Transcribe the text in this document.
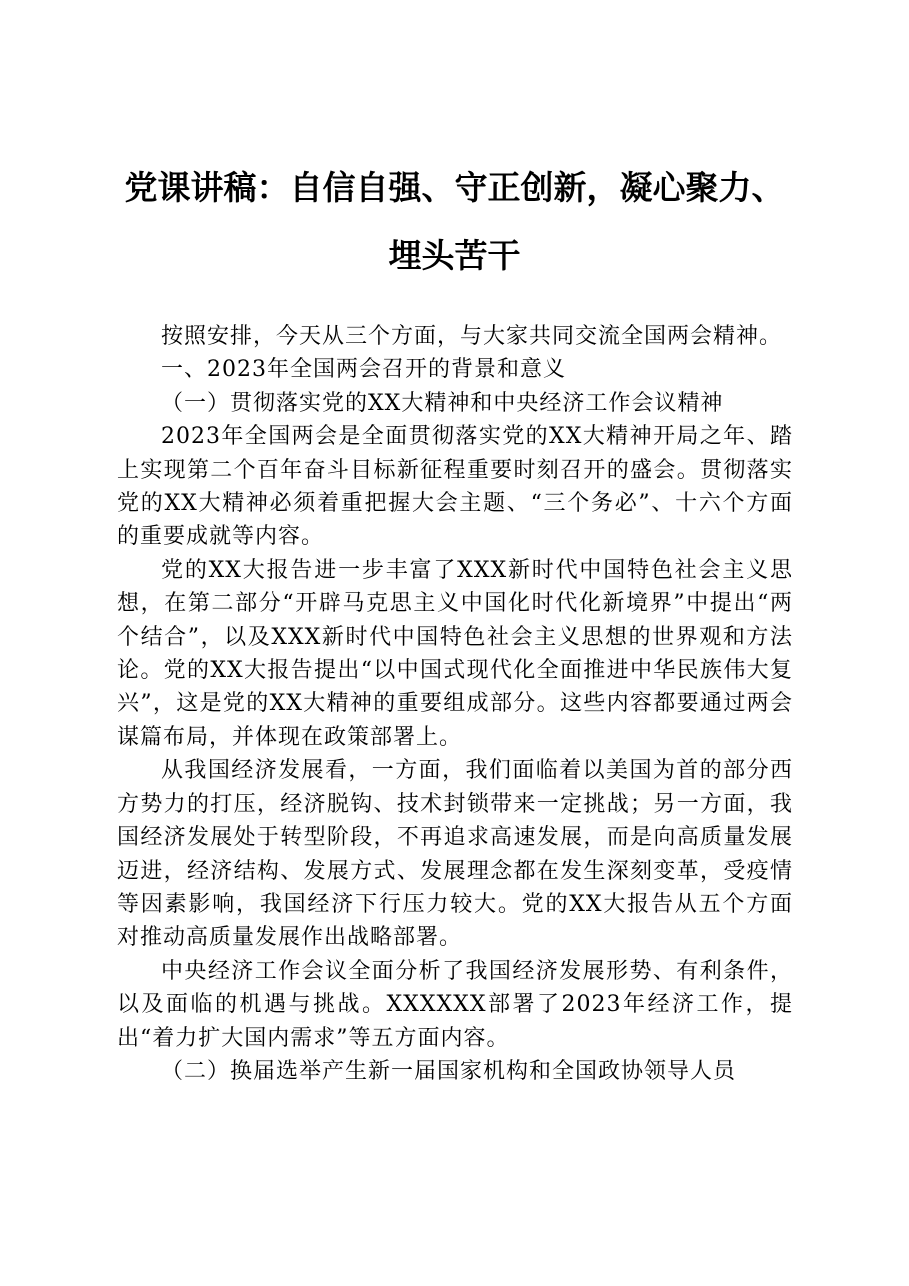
党课讲稿：自信自强、守正创新，凝心聚力、
埋头苦干

按照安排，今天从三个方面，与大家共同交流全国两会精神。

一、2023年全国两会召开的背景和意义

（一）贯彻落实党的XX大精神和中央经济工作会议精神

2023年全国两会是全面贯彻落实党的XX大精神开局之年、踏上实现第二个百年奋斗目标新征程重要时刻召开的盛会。贯彻落实党的XX大精神必须着重把握大会主题、“三个务必”、十六个方面的重要成就等内容。

党的XX大报告进一步丰富了XXX新时代中国特色社会主义思想，在第二部分“开辟马克思主义中国化时代化新境界”中提出“两个结合”，以及XXX新时代中国特色社会主义思想的世界观和方法论。党的XX大报告提出“以中国式现代化全面推进中华民族伟大复兴”，这是党的XX大精神的重要组成部分。这些内容都要通过两会谋篇布局，并体现在政策部署上。

从我国经济发展看，一方面，我们面临着以美国为首的部分西方势力的打压，经济脱钩、技术封锁带来一定挑战；另一方面，我国经济发展处于转型阶段，不再追求高速发展，而是向高质量发展迈进，经济结构、发展方式、发展理念都在发生深刻变革，受疫情等因素影响，我国经济下行压力较大。党的XX大报告从五个方面对推动高质量发展作出战略部署。

中央经济工作会议全面分析了我国经济发展形势、有利条件，以及面临的机遇与挑战。XXXXXX部署了2023年经济工作，提出“着力扩大国内需求”等五方面内容。

（二）换届选举产生新一届国家机构和全国政协领导人员
